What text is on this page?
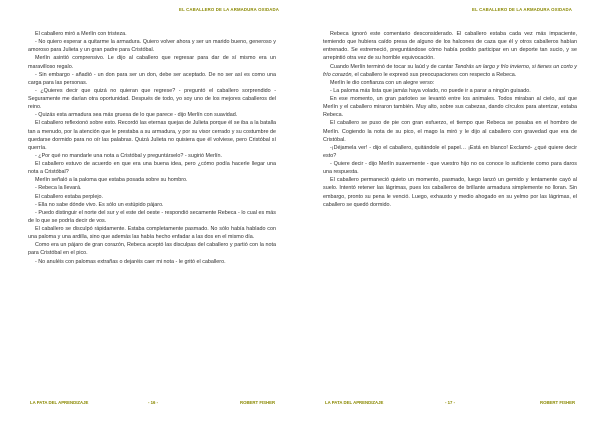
EL CABALLERO DE LA ARMADURA OXIDADA

El caballero miró a Merlín con tristeza.

- No quiero esperar a quitarme la armadura. Quiero volver ahora y ser un marido bueno, generoso y amoroso para Julieta y un gran padre para Cristóbal.

Merlín asintió comprensivo. Le dijo al caballero que regresar para dar de sí mismo era un maravilloso regalo.

- Sin embargo - añadió - un don para ser un don, debe ser aceptado. De no ser así es como una carga para las personas.

- ¿Quieres decir que quizá no quieran que regrese? - preguntó el caballero sorprendido - Seguramente me darían otra oportunidad. Después de todo, yo soy uno de los mejores caballeros del reino.

- Quizás esta armadura sea más gruesa de lo que parece - dijo Merlín con suavidad.

El caballero reflexionó sobre esto. Recordó las eternas quejas de Julieta porque él se iba a la batalla tan a menudo, por la atención que le prestaba a su armadura, y por su visor cerrado y su costumbre de quedarse dormido para no oír las palabras. Quizá Julieta no quisiera que él volviese, pero Cristóbal sí querría.

- ¿Por qué no mandarle una nota a Cristóbal y preguntárselo? - sugirió Merlín.

El caballero estuvo de acuerdo en que era una buena idea, pero ¿cómo podía hacerle llegar una nota a Cristóbal?

Merlín señaló a la paloma que estaba posada sobre su hombro.

- Rebeca la llevará.

El caballero estaba perplejo.

- Ella no sabe dónde vivo. Es sólo un estúpido pájaro.

- Puedo distinguir el norte del sur y el este del oeste - respondió secamente Rebeca - lo cual es más de lo que se podría decir de vos.

El caballero se disculpó rápidamente. Estaba completamente pasmado. No sólo había hablado con una paloma y una ardilla, sino que además las había hecho enfadar a las dos en el mismo día.

Como era un pájaro de gran corazón, Rebeca aceptó las disculpas del caballero y partió con la nota para Cristóbal en el pico.

- No anuléis con palomas extrañas o dejaréis caer mi nota - le gritó el caballero.

LA PATA DEL APRENDIZAJE	- 16 -	ROBERT FISHER
EL CABALLERO DE LA ARMADURA OXIDADA

Rebeca ignoró este comentario desconsiderado. El caballero estaba cada vez más impaciente, temiendo que hubiera caído presa de alguno de los halcones de caza que él y otros caballeros habían entrenado. Se estremeció, preguntándose cómo había podido participar en un deporte tan sucio, y se arrepintió otra vez de su horrible equivocación.

Cuando Merlín terminó de tocar su laúd y de cantar Tendrás un largo y frío invierno, si tienes un corto y frío corazón, el caballero le expresó sus preocupaciones con respecto a Rebeca.

Merlín le dio confianza con un alegre verso:

- La paloma más lista que jamás haya volado, no puede ir a parar a ningún guisado.

En ese momento, un gran parloteo se levantó entre los animales. Todos miraban al cielo, así que Merlín y el caballero miraron también. Muy alto, sobre sus cabezas, dando círculos para aterrizar, estaba Rebeca.

El caballero se puso de pie con gran esfuerzo, el tiempo que Rebeca se posaba en el hombro de Merlín. Cogiendo la nota de su pico, el mago la miró y le dijo al caballero con gravedad que era de Cristóbal.

-¡Déjamela ver! - dijo el caballero, quitándole el papel… ¡Está en blanco! Exclamó- ¿qué quiere decir esto?

- Quiere decir - dijo Merlín suavemente - que vuestro hijo no os conoce lo suficiente como para daros una respuesta.

El caballero permaneció quieto un momento, pasmado, luego lanzó un gemido y lentamente cayó al suelo. Intentó retener las lágrimas, pues los caballeros de brillante armadura simplemente no lloran. Sin embargo, pronto su pena le venció. Luego, exhausto y medio ahogado en su yelmo por las lágrimas, el caballero se quedó dormido.

LA PATA DEL APRENDIZAJE	- 17 -	ROBERT FISHER
